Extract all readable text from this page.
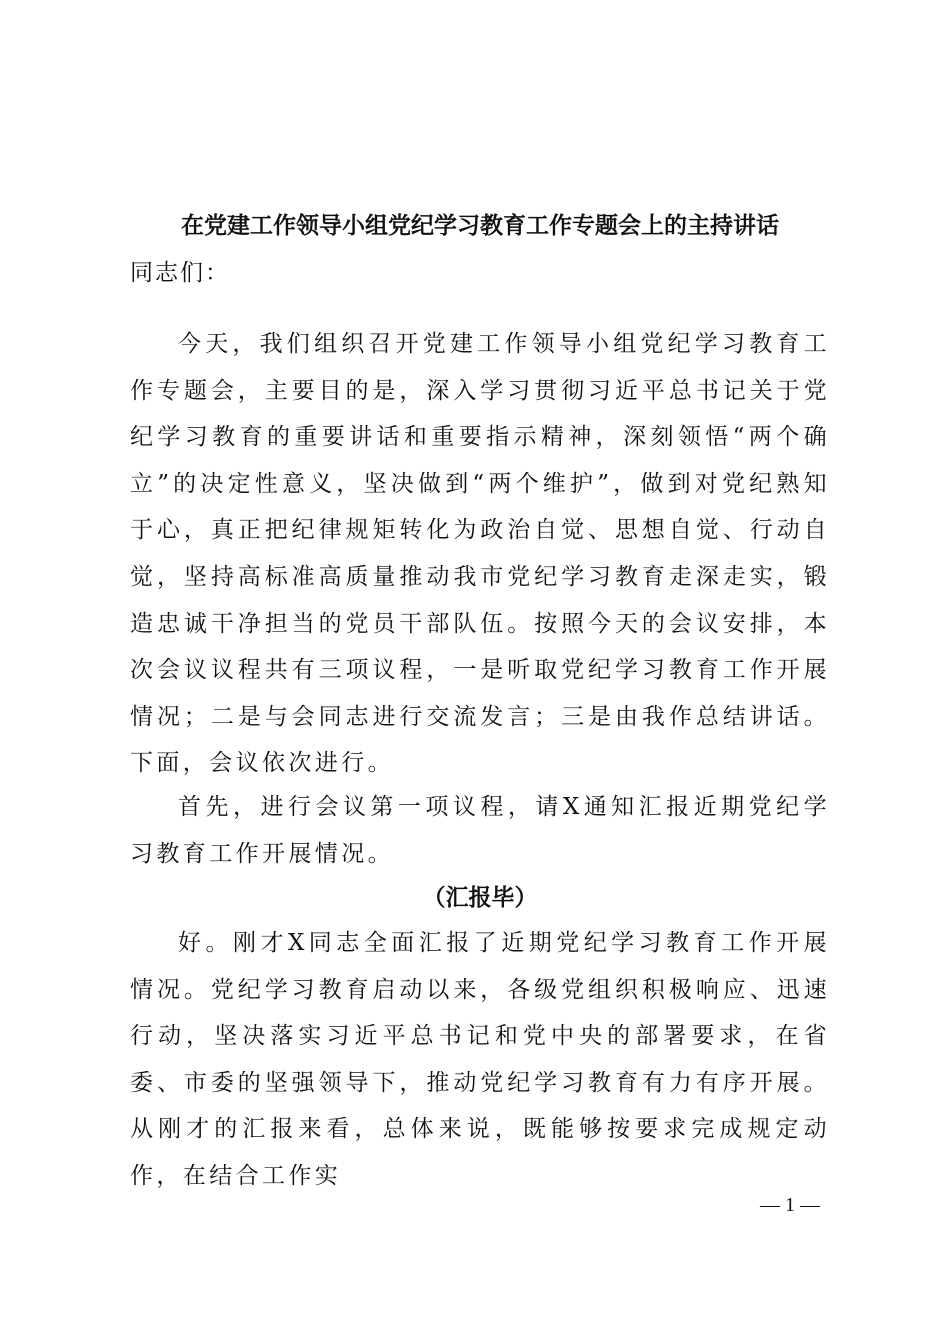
在党建工作领导小组党纪学习教育工作专题会上的主持讲话
同志们：

今天，我们组织召开党建工作领导小组党纪学习教育工作专题会，主要目的是，深入学习贯彻习近平总书记关于党纪学习教育的重要讲话和重要指示精神，深刻领悟“两个确立”的决定性意义，坚决做到“两个维护”，做到对党纪熟知于心，真正把纪律规矩转化为政治自觉、思想自觉、行动自觉，坚持高标准高质量推动我市党纪学习教育走深走实，锻造忠诚干净担当的党员干部队伍。按照今天的会议安排，本次会议议程共有三项议程，一是听取党纪学习教育工作开展情况；二是与会同志进行交流发言；三是由我作总结讲话。下面，会议依次进行。

首先，进行会议第一项议程，请X通知汇报近期党纪学习教育工作开展情况。

（汇报毕）

好。刚才X同志全面汇报了近期党纪学习教育工作开展情况。党纪学习教育启动以来，各级党组织积极响应、迅速行动，坚决落实习近平总书记和党中央的部署要求，在省委、市委的坚强领导下，推动党纪学习教育有力有序开展。从刚才的汇报来看，总体来说，既能够按要求完成规定动作，在结合工作实

— 1 —
